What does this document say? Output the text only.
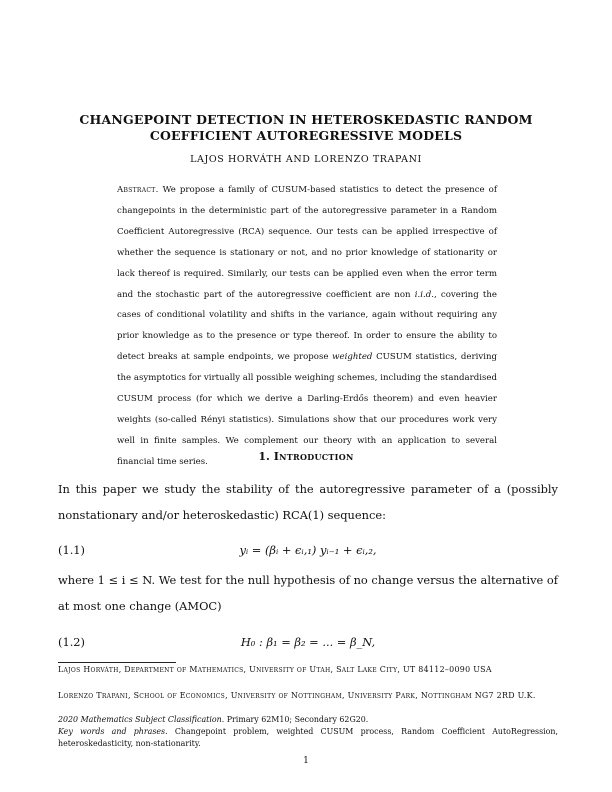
CHANGEPOINT DETECTION IN HETEROSKEDASTIC RANDOM
COEFFICIENT AUTOREGRESSIVE MODELS

LAJOS HORVÁTH AND LORENZO TRAPANI

Abstract. We propose a family of CUSUM-based statistics to detect the presence of changepoints in the deterministic part of the autoregressive parameter in a Random Coefficient Autoregressive (RCA) sequence. Our tests can be applied irrespective of whether the sequence is stationary or not, and no prior knowledge of stationarity or lack thereof is required. Similarly, our tests can be applied even when the error term and the stochastic part of the autoregressive coefficient are non i.i.d., covering the cases of conditional volatility and shifts in the variance, again without requiring any prior knowledge as to the presence or type thereof. In order to ensure the ability to detect breaks at sample endpoints, we propose weighted CUSUM statistics, deriving the asymptotics for virtually all possible weighing schemes, including the standardised CUSUM process (for which we derive a Darling-Erdős theorem) and even heavier weights (so-called Rényi statistics). Simulations show that our procedures work very well in finite samples. We complement our theory with an application to several financial time series.	1. Introduction

In this paper we study the stability of the autoregressive parameter of a (possibly nonstationary and/or heteroskedastic) RCA(1) sequence:

(1.1)	yᵢ = (βᵢ + ϵᵢ,₁) yᵢ₋₁ + ϵᵢ,₂,

where 1 ≤ i ≤ N. We test for the null hypothesis of no change versus the alternative of at most one change (AMOC)

(1.2)	H₀ : β₁ = β₂ = ... = β_N,

Lajos Horváth, Department of Mathematics, University of Utah, Salt Lake City, UT 84112–0090 USA

Lorenzo Trapani, School of Economics, University of Nottingham, University Park, Nottingham NG7 2RD U.K.

2020 Mathematics Subject Classification. Primary 62M10; Secondary 62G20.

Key words and phrases. Changepoint problem, weighted CUSUM process, Random Coefficient AutoRegression, heteroskedasticity, non-stationarity.

1
